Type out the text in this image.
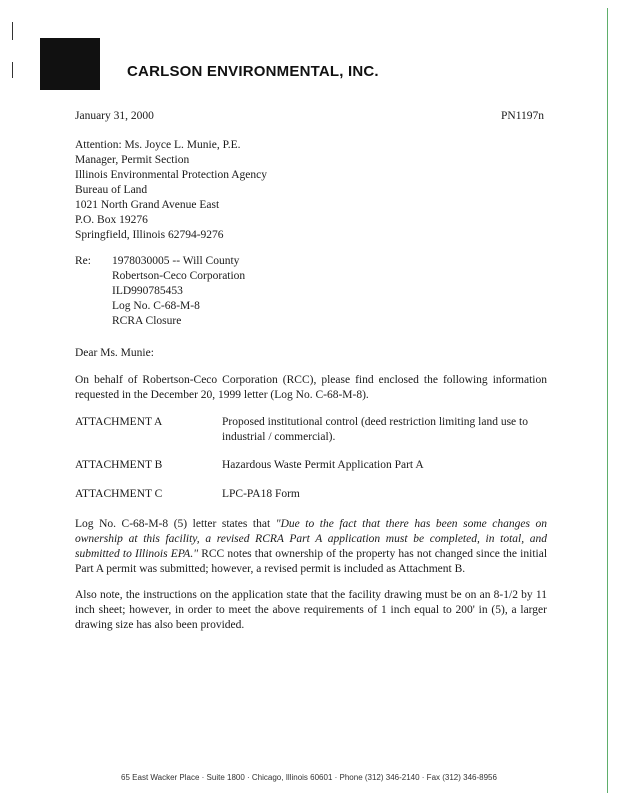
CARLSON ENVIRONMENTAL, INC.
January 31, 2000	PN1197n
Attention: Ms. Joyce L. Munie, P.E.
Manager, Permit Section
Illinois Environmental Protection Agency
Bureau of Land
1021 North Grand Avenue East
P.O. Box 19276
Springfield, Illinois 62794-9276
Re: 1978030005 -- Will County
Robertson-Ceco Corporation
ILD990785453
Log No. C-68-M-8
RCRA Closure
Dear Ms. Munie:
On behalf of Robertson-Ceco Corporation (RCC), please find enclosed the following information requested in the December 20, 1999 letter (Log No. C-68-M-8).
ATTACHMENT A	Proposed institutional control (deed restriction limiting land use to industrial / commercial).
ATTACHMENT B	Hazardous Waste Permit Application Part A
ATTACHMENT C	LPC-PA18 Form
Log No. C-68-M-8 (5) letter states that "Due to the fact that there has been some changes on ownership at this facility, a revised RCRA Part A application must be completed, in total, and submitted to Illinois EPA." RCC notes that ownership of the property has not changed since the initial Part A permit was submitted; however, a revised permit is included as Attachment B.
Also note, the instructions on the application state that the facility drawing must be on an 8-1/2 by 11 inch sheet; however, in order to meet the above requirements of 1 inch equal to 200' in (5), a larger drawing size has also been provided.
65 East Wacker Place · Suite 1800 · Chicago, Illinois 60601 · Phone (312) 346-2140 · Fax (312) 346-8956
